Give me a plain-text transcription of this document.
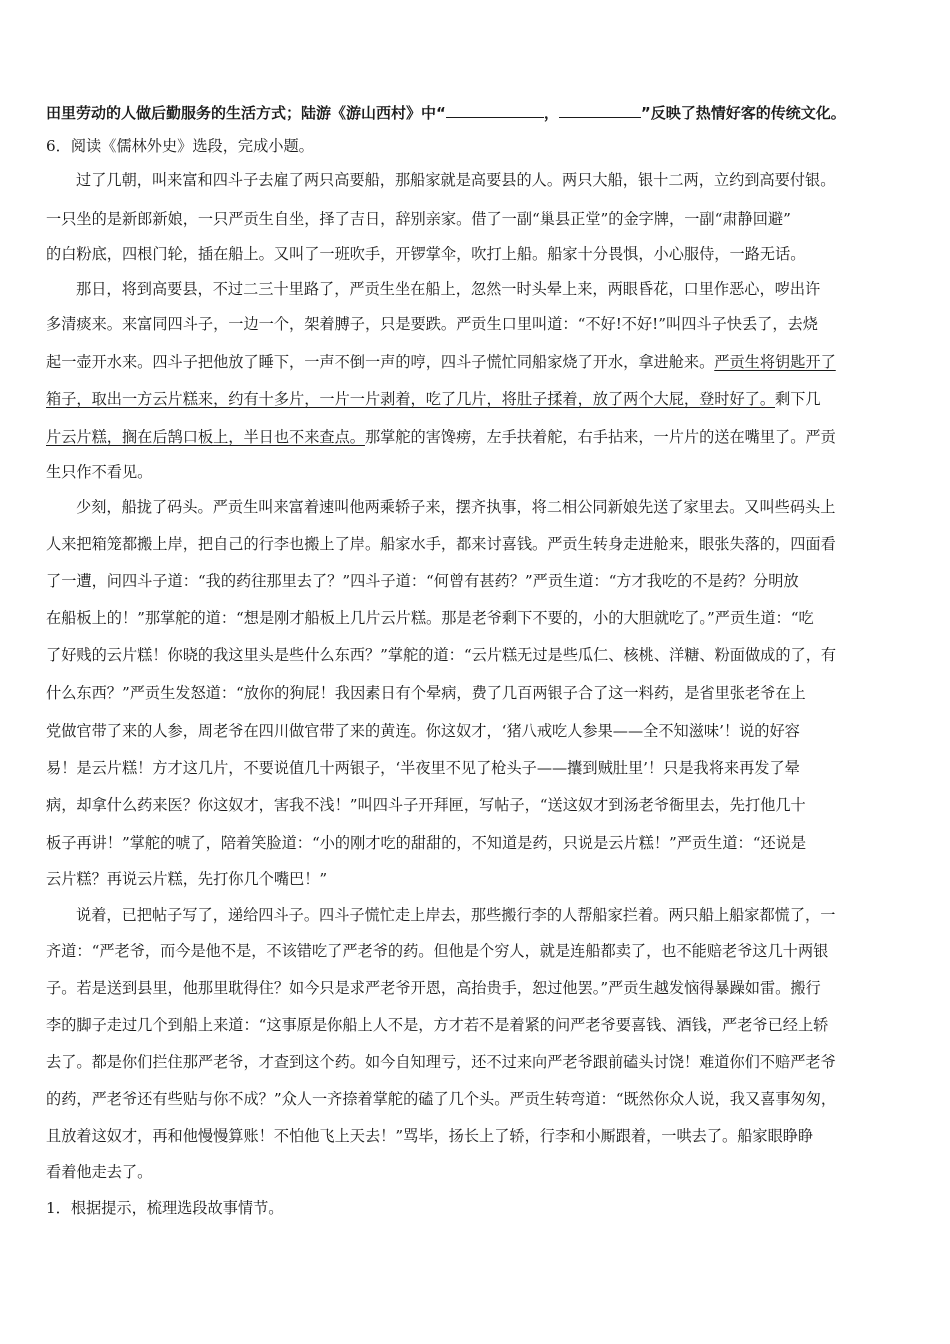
田里劳动的人做后勤服务的生活方式；陆游《游山西村》中“	，	”反映了热情好客的传统文化。
6．阅读《儒林外史》选段，完成小题。
过了几朝，叫来富和四斗子去雇了两只高要船，那船家就是高要县的人。两只大船，银十二两，立约到高要付银。
一只坐的是新郎新娘，一只严贡生自坐，择了吉日，辞别亲家。借了一副“巢县正堂”的金字牌，一副“肃静回避”
的白粉底，四根门轮，插在船上。又叫了一班吹手，开锣掌伞，吹打上船。船家十分畏惧，小心服侍，一路无话。
那日，将到高要县，不过二三十里路了，严贡生坐在船上，忽然一时头晕上来，两眼昏花，口里作恶心，哕出许
多清痰来。来富同四斗子，一边一个，架着膊子，只是要跌。严贡生口里叫道：“不好!不好!”叫四斗子快丢了，去烧
起一壶开水来。四斗子把他放了睡下，一声不倒一声的哼，四斗子慌忙同船家烧了开水，拿进舱来。严贡生将钥匙开了
箱子，取出一方云片糕来，约有十多片，一片一片剥着，吃了几片，将肚子揉着，放了两个大屁，登时好了。剩下几
片云片糕，搁在后鹄口板上，半日也不来查点。那掌舵的害馋痨，左手扶着舵，右手拈来，一片片的送在嘴里了。严贡
生只作不看见。
少刻，船拢了码头。严贡生叫来富着速叫他两乘轿子来，摆齐执事，将二相公同新娘先送了家里去。又叫些码头上
人来把箱笼都搬上岸，把自己的行李也搬上了岸。船家水手，都来讨喜钱。严贡生转身走进舱来，眼张失落的，四面看
了一遭，问四斗子道：“我的药往那里去了？”四斗子道：“何曾有甚药？”严贡生道：“方才我吃的不是药？分明放
在船板上的！”那掌舵的道：“想是刚才船板上几片云片糕。那是老爷剩下不要的，小的大胆就吃了。”严贡生道：“吃
了好贱的云片糕！你晓的我这里头是些什么东西？”掌舵的道：“云片糕无过是些瓜仁、核桃、洋糖、粉面做成的了，有
什么东西？”严贡生发怒道：“放你的狗屁！我因素日有个晕病，费了几百两银子合了这一料药，是省里张老爷在上
党做官带了来的人参，周老爷在四川做官带了来的黄连。你这奴才，‘猪八戒吃人参果——全不知滋味’！说的好容
易！是云片糕！方才这几片，不要说值几十两银子，‘半夜里不见了枪头子——攮到贼肚里’！只是我将来再发了晕
病，却拿什么药来医？你这奴才，害我不浅！”叫四斗子开拜匣，写帖子，“送这奴才到汤老爷衙里去，先打他几十
板子再讲！”掌舵的唬了，陪着笑脸道：“小的刚才吃的甜甜的，不知道是药，只说是云片糕！”严贡生道：“还说是
云片糕？再说云片糕，先打你几个嘴巴！”
说着，已把帖子写了，递给四斗子。四斗子慌忙走上岸去，那些搬行李的人帮船家拦着。两只船上船家都慌了，一
齐道：“严老爷，而今是他不是，不该错吃了严老爷的药。但他是个穷人，就是连船都卖了，也不能赔老爷这几十两银
子。若是送到县里，他那里耽得住？如今只是求严老爷开恩，高抬贵手，恕过他罢。”严贡生越发恼得暴躁如雷。搬行
李的脚子走过几个到船上来道：“这事原是你船上人不是，方才若不是着紧的问严老爷要喜钱、酒钱，严老爷已经上轿
去了。都是你们拦住那严老爷，才查到这个药。如今自知理亏，还不过来向严老爷跟前磕头讨饶！难道你们不赔严老爷
的药，严老爷还有些贴与你不成？”众人一齐捺着掌舵的磕了几个头。严贡生转弯道：“既然你众人说，我又喜事匆匆，
且放着这奴才，再和他慢慢算账！不怕他飞上天去！”骂毕，扬长上了轿，行李和小厮跟着，一哄去了。船家眼睁睁
看着他走去了。
1．根据提示，梳理选段故事情节。
